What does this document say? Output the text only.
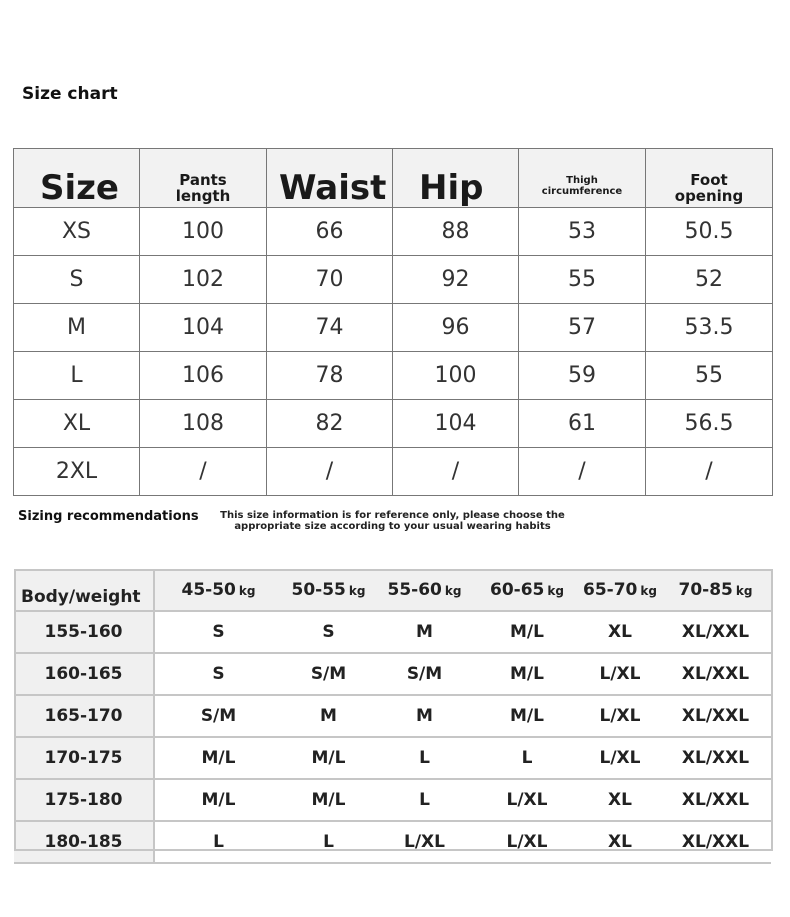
Size chart
Size	Pants length	Waist	Hip	Thigh circumference	Foot opening
XS	100	66	88	53	50.5
S	102	70	92	55	52
M	104	74	96	57	53.5
L	106	78	100	59	55
XL	108	82	104	61	56.5
2XL	/	/	/	/	/
Sizing recommendations	This size information is for reference only, please choose the appropriate size according to your usual wearing habits
Body/weight	45-50 kg	50-55 kg	55-60 kg	60-65 kg	65-70 kg	70-85 kg
155-160	S	S	M	M/L	XL	XL/XXL
160-165	S	S/M	S/M	M/L	L/XL	XL/XXL
165-170	S/M	M	M	M/L	L/XL	XL/XXL
170-175	M/L	M/L	L	L	L/XL	XL/XXL
175-180	M/L	M/L	L	L/XL	XL	XL/XXL
180-185	L	L	L/XL	L/XL	XL	XL/XXL
